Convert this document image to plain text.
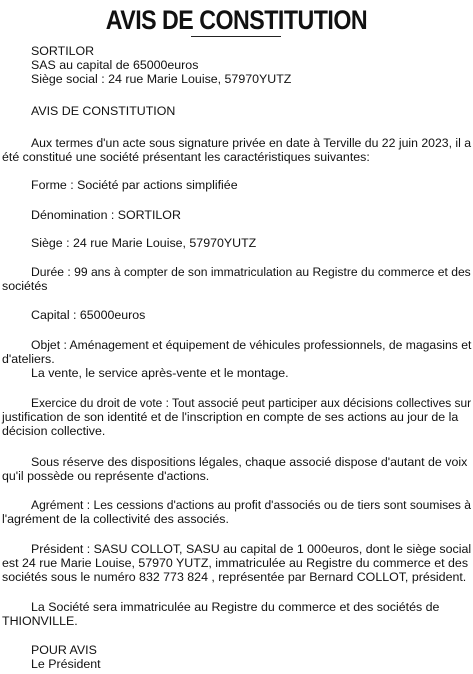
AVIS DE CONSTITUTION
SORTILOR
SAS au capital de 65000euros
Siège social : 24 rue Marie Louise, 57970YUTZ
AVIS DE CONSTITUTION
Aux termes d'un acte sous signature privée en date à Terville du 22 juin 2023, il a
été constitué une société présentant les caractéristiques suivantes:
Forme : Société par actions simplifiée
Dénomination : SORTILOR
Siège : 24 rue Marie Louise, 57970YUTZ
Durée : 99 ans à compter de son immatriculation au Registre du commerce et des
sociétés
Capital : 65000euros
Objet : Aménagement et équipement de véhicules professionnels, de magasins et
d'ateliers.
La vente, le service après-vente et le montage.
Exercice du droit de vote : Tout associé peut participer aux décisions collectives sur
justification de son identité et de l'inscription en compte de ses actions au jour de la
décision collective.
Sous réserve des dispositions légales, chaque associé dispose d'autant de voix
qu'il possède ou représente d'actions.
Agrément : Les cessions d'actions au profit d'associés ou de tiers sont soumises à
l'agrément de la collectivité des associés.
Président : SASU COLLOT, SASU au capital de 1 000euros, dont le siège social
est 24 rue Marie Louise, 57970 YUTZ, immatriculée au Registre du commerce et des
sociétés sous le numéro 832 773 824 , représentée par Bernard COLLOT, président.
La Société sera immatriculée au Registre du commerce et des sociétés de
THIONVILLE.
POUR AVIS
Le Président
